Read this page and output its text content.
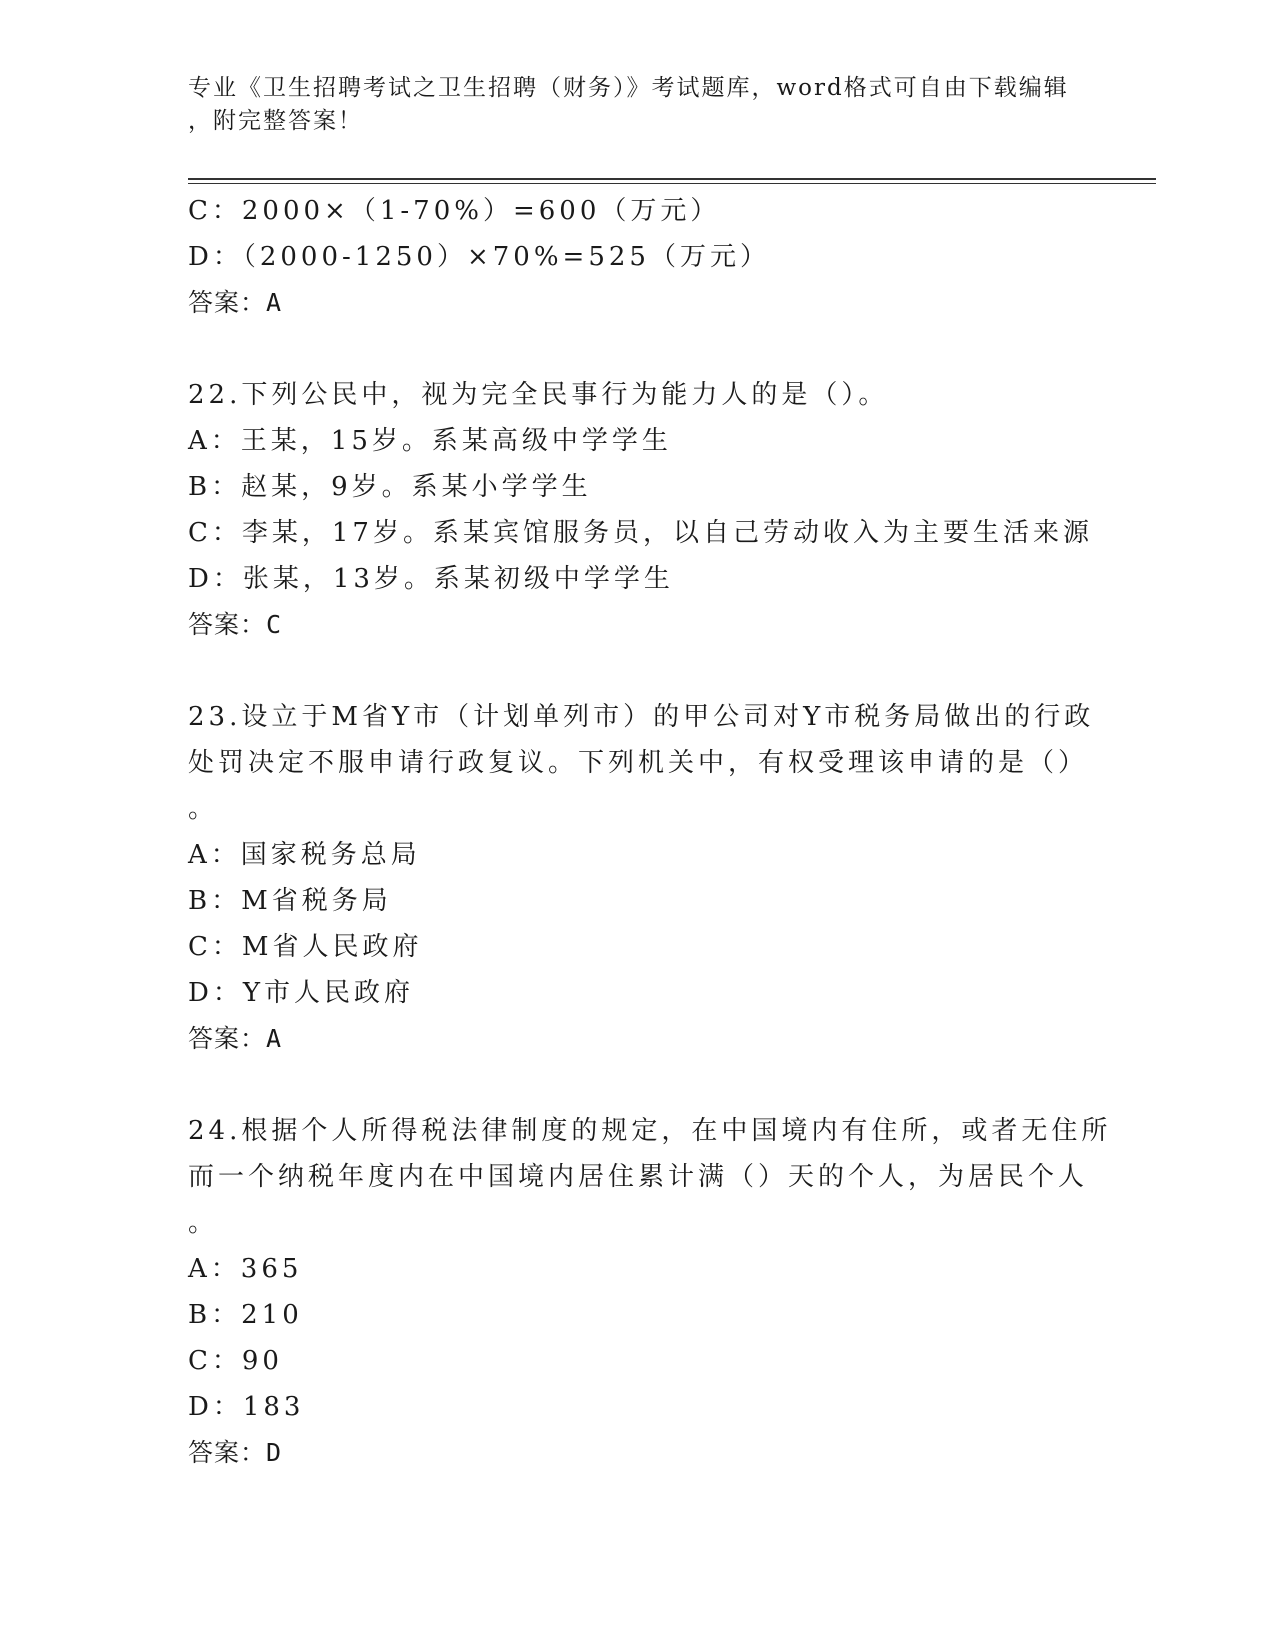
专业《卫生招聘考试之卫生招聘（财务）》考试题库，word格式可自由下载编辑
，附完整答案！
C：2000×（1-70%）=600（万元）
D：（2000-1250）×70%=525（万元）
答案：A
22.下列公民中，视为完全民事行为能力人的是（）。
A：王某，15岁。系某高级中学学生
B：赵某，9岁。系某小学学生
C：李某，17岁。系某宾馆服务员，以自己劳动收入为主要生活来源
D：张某，13岁。系某初级中学学生
答案：C
23.设立于M省Y市（计划单列市）的甲公司对Y市税务局做出的行政
处罚决定不服申请行政复议。下列机关中，有权受理该申请的是（）
。
A：国家税务总局
B：M省税务局
C：M省人民政府
D：Y市人民政府
答案：A
24.根据个人所得税法律制度的规定，在中国境内有住所，或者无住所
而一个纳税年度内在中国境内居住累计满（）天的个人，为居民个人
。
A：365
B：210
C：90
D：183
答案：D
